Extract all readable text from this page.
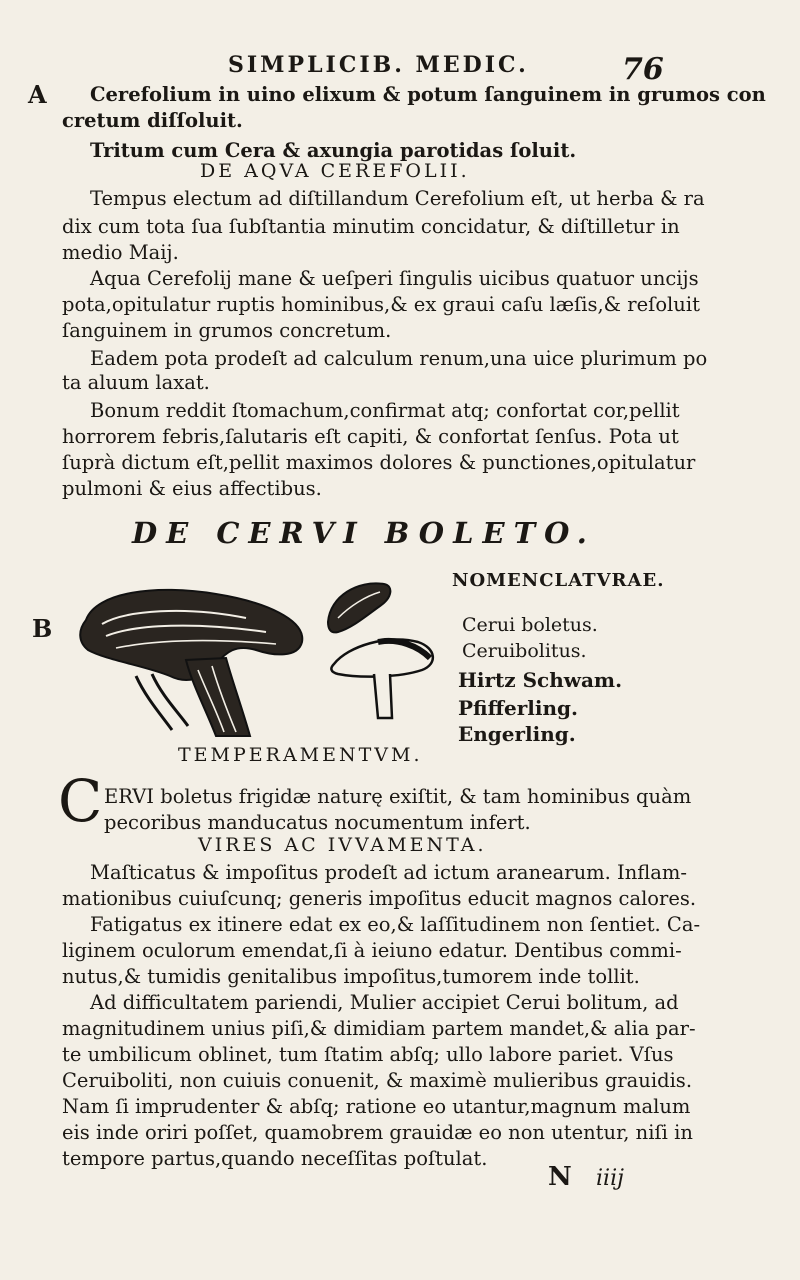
SIMPLICIB. MEDIC.	76
A
B
Cerefolium in uino elixum & potum ſanguinem in grumos con
cretum diſſoluit.
Tritum cum Cera & axungia parotidas ſoluit.
DE AQVA CEREFOLII.
Tempus electum ad diſtillandum Cerefolium eſt, ut herba & ra
dix cum tota ſua ſubſtantia minutim concidatur, & diſtilletur in
medio Maij.
Aqua Cerefolij mane & ueſperi ſingulis uicibus quatuor uncijs
pota,opitulatur ruptis hominibus,& ex graui caſu læſis,& reſoluit
ſanguinem in grumos concretum.
Eadem pota prodeſt ad calculum renum,una uice plurimum po
ta aluum laxat.
Bonum reddit ſtomachum,confirmat atq; confortat cor,pellit
horrorem febris,ſalutaris eſt capiti, & confortat ſenſus. Pota ut
ſuprà dictum eſt,pellit maximos dolores & punctiones,opitulatur
pulmoni & eius affectibus.
DE CERVI BOLETO.
NOMENCLATVRAE.
Cerui boletus.
Ceruibolitus.
Hirtz Schwam.
Pfifferling.
Engerling.
TEMPERAMENTVM.
C ERVI boletus frigidæ naturę exiſtit, & tam hominibus quàm
pecoribus manducatus nocumentum infert.
VIRES AC IVVAMENTA.
Maſticatus & impoſitus prodeſt ad ictum aranearum. Inflam-
mationibus cuiuſcunq; generis impoſitus educit magnos calores.
Fatigatus ex itinere edat ex eo,& laſſitudinem non ſentiet. Ca-
liginem oculorum emendat,ſi à ieiuno edatur. Dentibus commi-
nutus,& tumidis genitalibus impoſitus,tumorem inde tollit.
Ad difficultatem pariendi, Mulier accipiet Cerui bolitum, ad
magnitudinem unius piſi,& dimidiam partem mandet,& alia par-
te umbilicum oblinet, tum ſtatim abſq; ullo labore pariet. Vſus
Ceruiboliti, non cuiuis conuenit, & maximè mulieribus grauidis.
Nam ſi imprudenter & abſq; ratione eo utantur,magnum malum
eis inde oriri poſſet, quamobrem grauidæ eo non utentur, niſi in
tempore partus,quando neceſſitas poſtulat.
N iiij
